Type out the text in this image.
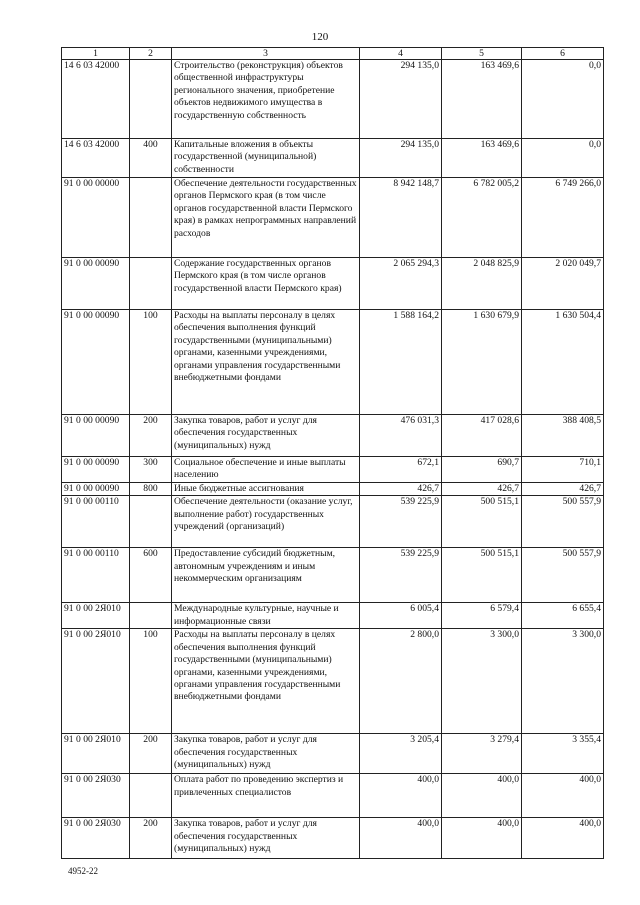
120
1	2	3	4	5	6
14 6 03 42000		Строительство (реконструкция) объектов общественной инфраструктуры регионального значения, приобретение объектов недвижимого имущества в государственную собственность	294 135,0	163 469,6	0,0
14 6 03 42000	400	Капитальные вложения в объекты государственной (муниципальной) собственности	294 135,0	163 469,6	0,0
91 0 00 00000		Обеспечение деятельности государственных органов Пермского края (в том числе органов государственной власти Пермского края) в рамках непрограммных направлений расходов	8 942 148,7	6 782 005,2	6 749 266,0
91 0 00 00090		Содержание государственных органов Пермского края (в том числе органов государственной власти Пермского края)	2 065 294,3	2 048 825,9	2 020 049,7
91 0 00 00090	100	Расходы на выплаты персоналу в целях обеспечения выполнения функций государственными (муниципальными) органами, казенными учреждениями, органами управления государственными внебюджетными фондами	1 588 164,2	1 630 679,9	1 630 504,4
91 0 00 00090	200	Закупка товаров, работ и услуг для обеспечения государственных (муниципальных) нужд	476 031,3	417 028,6	388 408,5
91 0 00 00090	300	Социальное обеспечение и иные выплаты населению	672,1	690,7	710,1
91 0 00 00090	800	Иные бюджетные ассигнования	426,7	426,7	426,7
91 0 00 00110		Обеспечение деятельности (оказание услуг, выполнение работ) государственных учреждений (организаций)	539 225,9	500 515,1	500 557,9
91 0 00 00110	600	Предоставление субсидий бюджетным, автономным учреждениям и иным некоммерческим организациям	539 225,9	500 515,1	500 557,9
91 0 00 2Я010		Международные культурные, научные и информационные связи	6 005,4	6 579,4	6 655,4
91 0 00 2Я010	100	Расходы на выплаты персоналу в целях обеспечения выполнения функций государственными (муниципальными) органами, казенными учреждениями, органами управления государственными внебюджетными фондами	2 800,0	3 300,0	3 300,0
91 0 00 2Я010	200	Закупка товаров, работ и услуг для обеспечения государственных (муниципальных) нужд	3 205,4	3 279,4	3 355,4
91 0 00 2Я030		Оплата работ по проведению экспертиз и привлеченных специалистов	400,0	400,0	400,0
91 0 00 2Я030	200	Закупка товаров, работ и услуг для обеспечения государственных (муниципальных) нужд	400,0	400,0	400,0
4952-22
